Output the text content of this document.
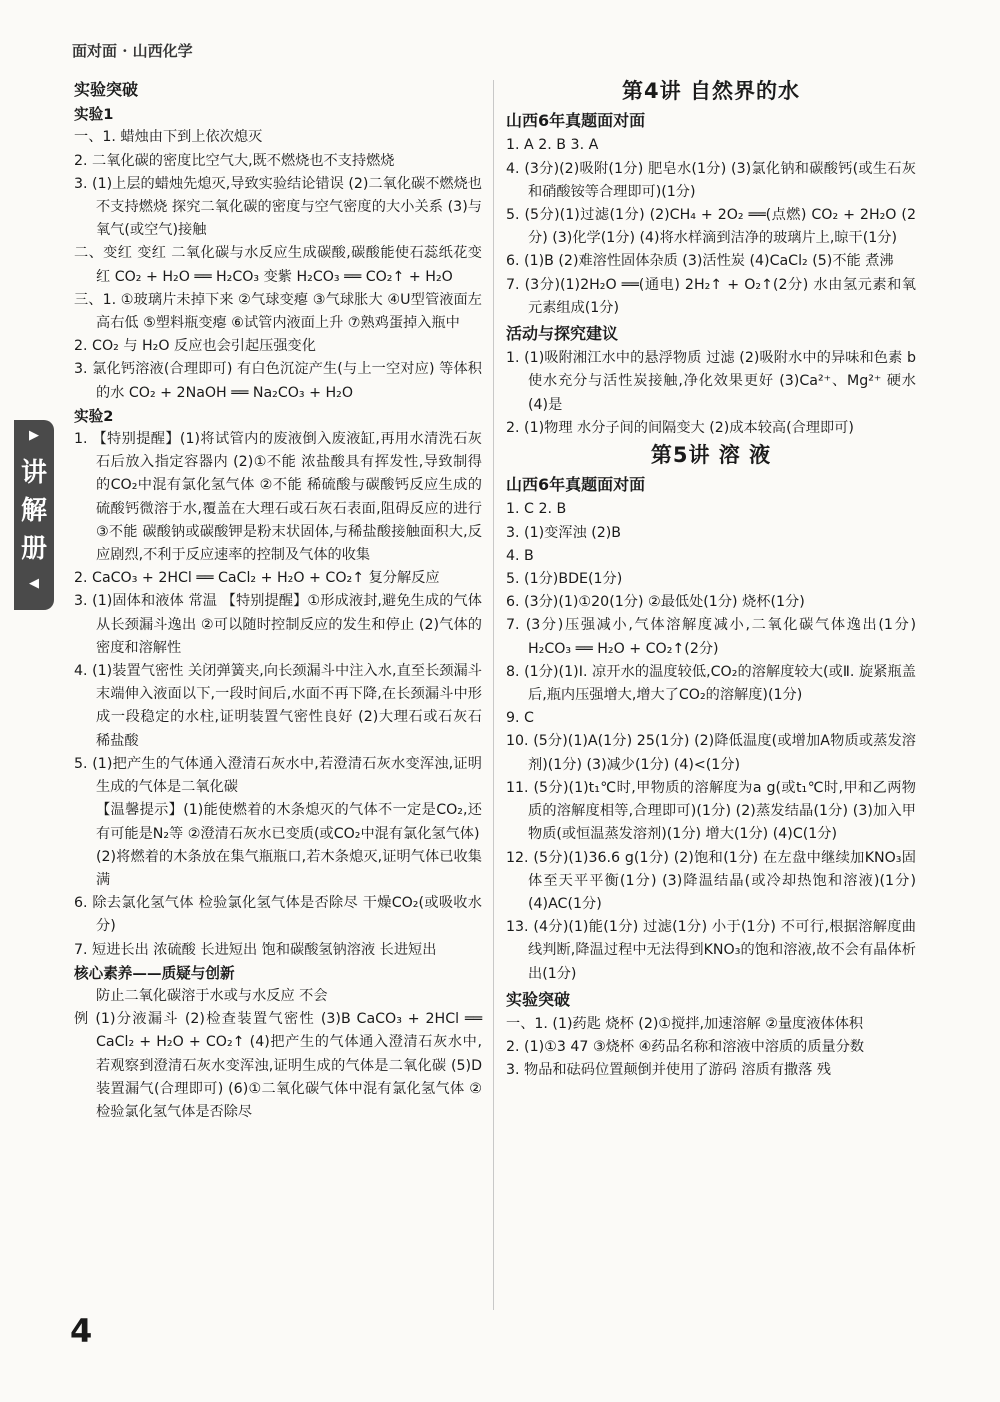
面对面 · 山西化学
▶
讲
解
册
◀
实验突破
实验1

一、1. 蜡烛由下到上依次熄灭

2. 二氧化碳的密度比空气大,既不燃烧也不支持燃烧

3. (1)上层的蜡烛先熄灭,导致实验结论错误 (2)二氧化碳不燃烧也不支持燃烧 探究二氧化碳的密度与空气密度的大小关系 (3)与氧气(或空气)接触

二、变红 变红 二氧化碳与水反应生成碳酸,碳酸能使石蕊纸花变红 CO₂ + H₂O ══ H₂CO₃ 变紫 H₂CO₃ ══ CO₂↑ + H₂O

三、1. ①玻璃片未掉下来 ②气球变瘪 ③气球胀大 ④U型管液面左高右低 ⑤塑料瓶变瘪 ⑥试管内液面上升 ⑦熟鸡蛋掉入瓶中

2. CO₂ 与 H₂O 反应也会引起压强变化

3. 氯化钙溶液(合理即可) 有白色沉淀产生(与上一空对应) 等体积的水 CO₂ + 2NaOH ══ Na₂CO₃ + H₂O

实验2

1. 【特别提醒】(1)将试管内的废液倒入废液缸,再用水清洗石灰石后放入指定容器内 (2)①不能 浓盐酸具有挥发性,导致制得的CO₂中混有氯化氢气体 ②不能 稀硫酸与碳酸钙反应生成的硫酸钙微溶于水,覆盖在大理石或石灰石表面,阻碍反应的进行 ③不能 碳酸钠或碳酸钾是粉末状固体,与稀盐酸接触面积大,反应剧烈,不利于反应速率的控制及气体的收集

2. CaCO₃ + 2HCl ══ CaCl₂ + H₂O + CO₂↑ 复分解反应

3. (1)固体和液体 常温 【特别提醒】①形成液封,避免生成的气体从长颈漏斗逸出 ②可以随时控制反应的发生和停止 (2)气体的密度和溶解性

4. (1)装置气密性 关闭弹簧夹,向长颈漏斗中注入水,直至长颈漏斗末端伸入液面以下,一段时间后,水面不再下降,在长颈漏斗中形成一段稳定的水柱,证明装置气密性良好 (2)大理石或石灰石 稀盐酸

5. (1)把产生的气体通入澄清石灰水中,若澄清石灰水变浑浊,证明生成的气体是二氧化碳

【温馨提示】(1)能使燃着的木条熄灭的气体不一定是CO₂,还有可能是N₂等 ②澄清石灰水已变质(或CO₂中混有氯化氢气体)

(2)将燃着的木条放在集气瓶瓶口,若木条熄灭,证明气体已收集满

6. 除去氯化氢气体 检验氯化氢气体是否除尽 干燥CO₂(或吸收水分)

7. 短进长出 浓硫酸 长进短出 饱和碳酸氢钠溶液 长进短出

核心素养——质疑与创新

防止二氧化碳溶于水或与水反应 不会

例 (1)分液漏斗 (2)检查装置气密性 (3)B CaCO₃ + 2HCl ══ CaCl₂ + H₂O + CO₂↑ (4)把产生的气体通入澄清石灰水中,若观察到澄清石灰水变浑浊,证明生成的气体是二氧化碳 (5)D 装置漏气(合理即可) (6)①二氧化碳气体中混有氯化氢气体 ②检验氯化氢气体是否除尽

第4讲 自然界的水
山西6年真题面对面

1. A 2. B 3. A

4. (3分)(2)吸附(1分) 肥皂水(1分) (3)氯化钠和碳酸钙(或生石灰和硝酸铵等合理即可)(1分)

5. (5分)(1)过滤(1分) (2)CH₄ + 2O₂ ══(点燃) CO₂ + 2H₂O (2分) (3)化学(1分) (4)将水样滴到洁净的玻璃片上,晾干(1分)

6. (1)B (2)难溶性固体杂质 (3)活性炭 (4)CaCl₂ (5)不能 煮沸

7. (3分)(1)2H₂O ══(通电) 2H₂↑ + O₂↑(2分) 水由氢元素和氧元素组成(1分)

活动与探究建议

1. (1)吸附湘江水中的悬浮物质 过滤 (2)吸附水中的异味和色素 b 使水充分与活性炭接触,净化效果更好 (3)Ca²⁺、Mg²⁺ 硬水 (4)是

2. (1)物理 水分子间的间隔变大 (2)成本较高(合理即可)

第5讲 溶 液
山西6年真题面对面

1. C 2. B

3. (1)变浑浊 (2)B

4. B

5. (1分)BDE(1分)

6. (3分)(1)①20(1分) ②最低处(1分) 烧杯(1分)

7. (3分)压强减小,气体溶解度减小,二氧化碳气体逸出(1分) H₂CO₃ ══ H₂O + CO₂↑(2分)

8. (1分)(1)Ⅰ. 凉开水的温度较低,CO₂的溶解度较大(或Ⅱ. 旋紧瓶盖后,瓶内压强增大,增大了CO₂的溶解度)(1分)

9. C

10. (5分)(1)A(1分) 25(1分) (2)降低温度(或增加A物质或蒸发溶剂)(1分) (3)减少(1分) (4)<(1分)

11. (5分)(1)t₁℃时,甲物质的溶解度为a g(或t₁℃时,甲和乙两物质的溶解度相等,合理即可)(1分) (2)蒸发结晶(1分) (3)加入甲物质(或恒温蒸发溶剂)(1分) 增大(1分) (4)C(1分)

12. (5分)(1)36.6 g(1分) (2)饱和(1分) 在左盘中继续加KNO₃固体至天平平衡(1分) (3)降温结晶(或冷却热饱和溶液)(1分) (4)AC(1分)

13. (4分)(1)能(1分) 过滤(1分) 小于(1分) 不可行,根据溶解度曲线判断,降温过程中无法得到KNO₃的饱和溶液,故不会有晶体析出(1分)

实验突破

一、1. (1)药匙 烧杯 (2)①搅拌,加速溶解 ②量度液体体积

2. (1)①3 47 ③烧杯 ④药品名称和溶液中溶质的质量分数

3. 物品和砝码位置颠倒并使用了游码 溶质有撒落 残

4
